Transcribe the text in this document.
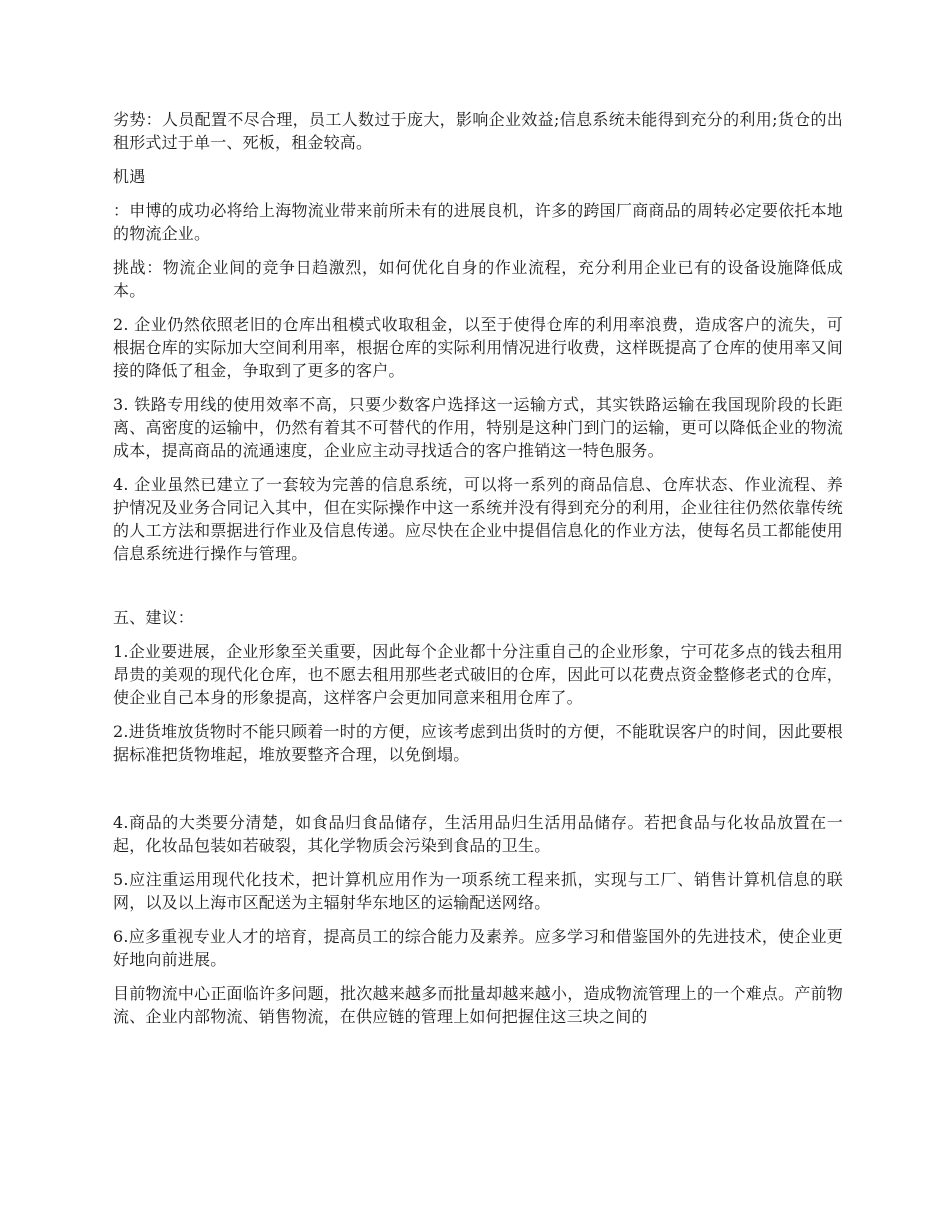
劣势：人员配置不尽合理，员工人数过于庞大，影响企业效益;信息系统未能得到充分的利用;货仓的出租形式过于单一、死板，租金较高。

机遇

：申博的成功必将给上海物流业带来前所未有的进展良机，许多的跨国厂商商品的周转必定要依托本地的物流企业。

挑战：物流企业间的竞争日趋激烈，如何优化自身的作业流程，充分利用企业已有的设备设施降低成本。

2. 企业仍然依照老旧的仓库出租模式收取租金，以至于使得仓库的利用率浪费，造成客户的流失，可根据仓库的实际加大空间利用率，根据仓库的实际利用情况进行收费，这样既提高了仓库的使用率又间接的降低了租金，争取到了更多的客户。

3. 铁路专用线的使用效率不高，只要少数客户选择这一运输方式，其实铁路运输在我国现阶段的长距离、高密度的运输中，仍然有着其不可替代的作用，特别是这种门到门的运输，更可以降低企业的物流成本，提高商品的流通速度，企业应主动寻找适合的客户推销这一特色服务。

4. 企业虽然已建立了一套较为完善的信息系统，可以将一系列的商品信息、仓库状态、作业流程、养护情况及业务合同记入其中，但在实际操作中这一系统并没有得到充分的利用，企业往往仍然依靠传统的人工方法和票据进行作业及信息传递。应尽快在企业中提倡信息化的作业方法，使每名员工都能使用信息系统进行操作与管理。

五、建议：

1.企业要进展，企业形象至关重要，因此每个企业都十分注重自己的企业形象，宁可花多点的钱去租用昂贵的美观的现代化仓库，也不愿去租用那些老式破旧的仓库，因此可以花费点资金整修老式的仓库，使企业自己本身的形象提高，这样客户会更加同意来租用仓库了。

2.进货堆放货物时不能只顾着一时的方便，应该考虑到出货时的方便，不能耽误客户的时间，因此要根据标准把货物堆起，堆放要整齐合理，以免倒塌。

4.商品的大类要分清楚，如食品归食品储存，生活用品归生活用品储存。若把食品与化妆品放置在一起，化妆品包装如若破裂，其化学物质会污染到食品的卫生。

5.应注重运用现代化技术，把计算机应用作为一项系统工程来抓，实现与工厂、销售计算机信息的联网，以及以上海市区配送为主辐射华东地区的运输配送网络。

6.应多重视专业人才的培育，提高员工的综合能力及素养。应多学习和借鉴国外的先进技术，使企业更好地向前进展。

目前物流中心正面临许多问题，批次越来越多而批量却越来越小，造成物流管理上的一个难点。产前物流、企业内部物流、销售物流，在供应链的管理上如何把握住这三块之间的
